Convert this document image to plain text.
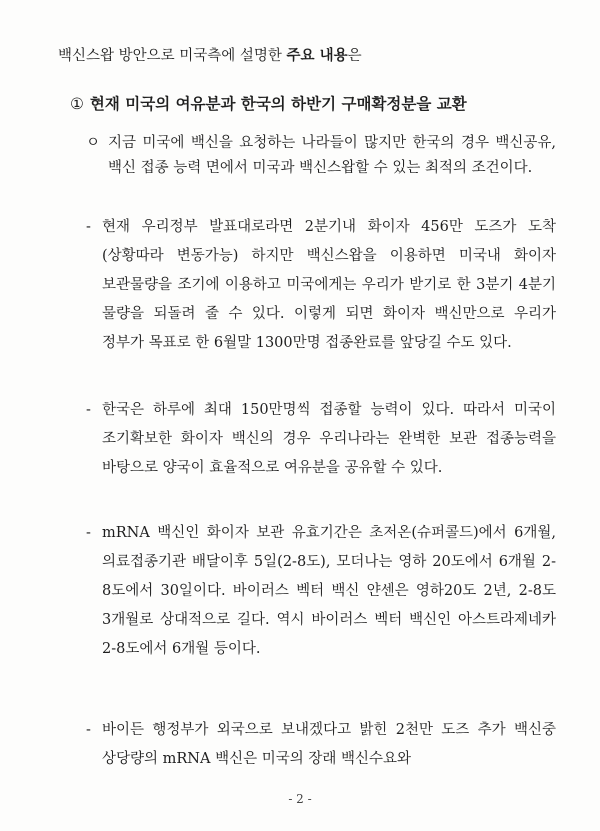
백신스왑 방안으로 미국측에 설명한 주요 내용은
① 현재 미국의 여유분과 한국의 하반기 구매확정분을 교환
ㅇ 지금 미국에 백신을 요청하는 나라들이 많지만 한국의 경우 백신공유, 백신 접종 능력 면에서 미국과 백신스왑할 수 있는 최적의 조건이다.
- 현재 우리정부 발표대로라면 2분기내 화이자 456만 도즈가 도착(상황따라 변동가능) 하지만 백신스왑을 이용하면 미국내 화이자 보관물량을 조기에 이용하고 미국에게는 우리가 받기로 한 3분기 4분기 물량을 되돌려 줄 수 있다. 이렇게 되면 화이자 백신만으로 우리가 정부가 목표로 한 6월말 1300만명 접종완료를 앞당길 수도 있다.
- 한국은 하루에 최대 150만명씩 접종할 능력이 있다. 따라서 미국이 조기확보한 화이자 백신의 경우 우리나라는 완벽한 보관 접종능력을 바탕으로 양국이 효율적으로 여유분을 공유할 수 있다.
- mRNA 백신인 화이자 보관 유효기간은 초저온(슈퍼콜드)에서 6개월, 의료접종기관 배달이후 5일(2-8도), 모더나는 영하 20도에서 6개월 2-8도에서 30일이다. 바이러스 벡터 백신 얀센은 영하20도 2년, 2-8도 3개월로 상대적으로 길다. 역시 바이러스 벡터 백신인 아스트라제네카 2-8도에서 6개월 등이다.
- 바이든 행정부가 외국으로 보내겠다고 밝힌 2천만 도즈 추가 백신중 상당량의 mRNA 백신은 미국의 장래 백신수요와
- 2 -
